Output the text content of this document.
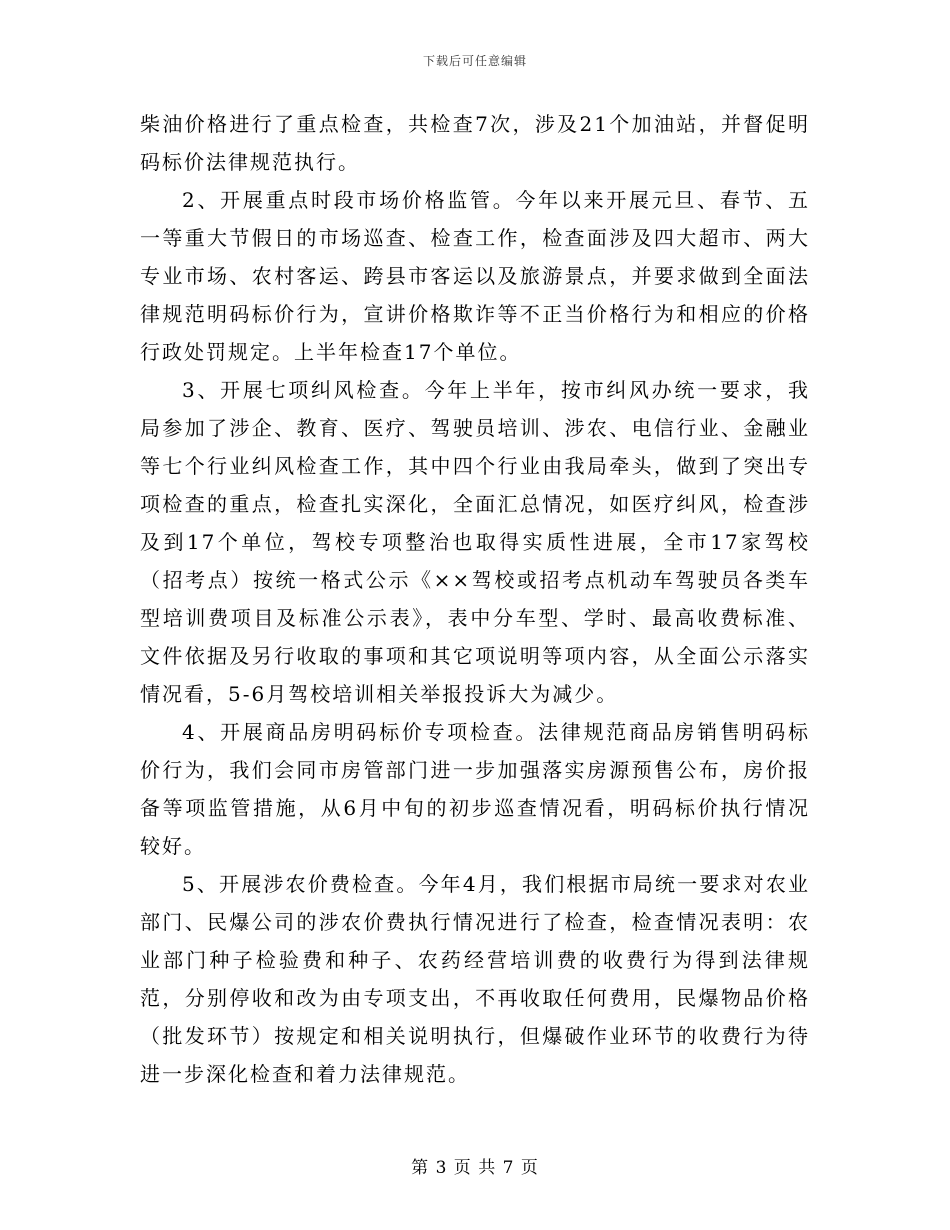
下载后可任意编辑

柴油价格进行了重点检查，共检查7次，涉及21个加油站，并督促明码标价法律规范执行。

2、开展重点时段市场价格监管。今年以来开展元旦、春节、五一等重大节假日的市场巡查、检查工作，检查面涉及四大超市、两大专业市场、农村客运、跨县市客运以及旅游景点，并要求做到全面法律规范明码标价行为，宣讲价格欺诈等不正当价格行为和相应的价格行政处罚规定。上半年检查17个单位。

3、开展七项纠风检查。今年上半年，按市纠风办统一要求，我局参加了涉企、教育、医疗、驾驶员培训、涉农、电信行业、金融业等七个行业纠风检查工作，其中四个行业由我局牵头，做到了突出专项检查的重点，检查扎实深化，全面汇总情况，如医疗纠风，检查涉及到17个单位，驾校专项整治也取得实质性进展，全市17家驾校（招考点）按统一格式公示《××驾校或招考点机动车驾驶员各类车型培训费项目及标准公示表》，表中分车型、学时、最高收费标准、文件依据及另行收取的事项和其它项说明等项内容，从全面公示落实情况看，5-6月驾校培训相关举报投诉大为减少。

4、开展商品房明码标价专项检查。法律规范商品房销售明码标价行为，我们会同市房管部门进一步加强落实房源预售公布，房价报备等项监管措施，从6月中旬的初步巡查情况看，明码标价执行情况较好。

5、开展涉农价费检查。今年4月，我们根据市局统一要求对农业部门、民爆公司的涉农价费执行情况进行了检查，检查情况表明：农业部门种子检验费和种子、农药经营培训费的收费行为得到法律规范，分别停收和改为由专项支出，不再收取任何费用，民爆物品价格（批发环节）按规定和相关说明执行，但爆破作业环节的收费行为待进一步深化检查和着力法律规范。

第 3 页 共 7 页
